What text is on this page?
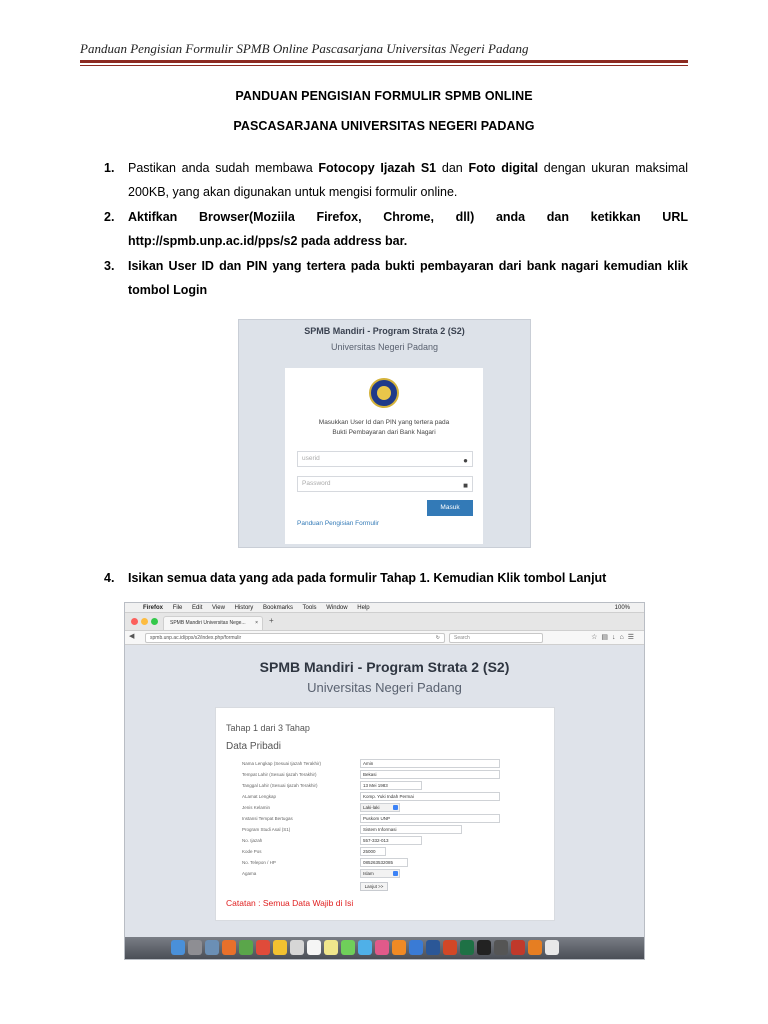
Panduan Pengisian Formulir SPMB Online Pascasarjana Universitas Negeri Padang
PANDUAN PENGISIAN FORMULIR SPMB ONLINE
PASCASARJANA UNIVERSITAS NEGERI PADANG
1. Pastikan anda sudah membawa Fotocopy Ijazah S1 dan Foto digital dengan ukuran maksimal
200KB, yang akan digunakan untuk mengisi formulir online.
2. Aktifkan Browser(Moziila Firefox, Chrome, dll) anda dan ketikkan URL
http://spmb.unp.ac.id/pps/s2 pada address bar.
3. Isikan User ID dan PIN yang tertera pada bukti pembayaran dari bank nagari kemudian klik
tombol Login
SPMB Mandiri - Program Strata 2 (S2)
Universitas Negeri Padang
Masukkan User Id dan PIN yang tertera pada
Bukti Pembayaran dari Bank Nagari
userid	●
Password	■
Masuk
Panduan Pengisian Formulir
4. Isikan semua data yang ada pada formulir Tahap 1. Kemudian Klik tombol Lanjut
Firefox File Edit View History Bookmarks Tools Window Help	100%
SPMB Mandiri Universitas Nege... × +
◀	spmb.unp.ac.id/pps/s2/index.php/formulir	↻	Search	☆▤↓⌂☰
SPMB Mandiri - Program Strata 2 (S2)
Universitas Negeri Padang
Tahap 1 dari 3 Tahap
Data Pribadi
Nama Lengkap (Sesuai Ijazah Terakhir)	Amin
Tempat Lahir (Sesuai Ijazah Terakhir)	Bekasi
Tanggal Lahir (Sesuai Ijazah Terakhir)	13 Mei 1983
ALamat Lengkap	Komp. Yuki Indah Permai
Jenis Kelamin	Laki-laki
Instansi Tempat Bertugas	Puskom UNP
Program Studi Asal (S1)	Sistem Informasi
No. Ijazah	557-332-013
Kode Pos	25000
No. Telepon / HP	085263532085
Agama	Islam
Lanjut >>
Catatan : Semua Data Wajib di Isi
